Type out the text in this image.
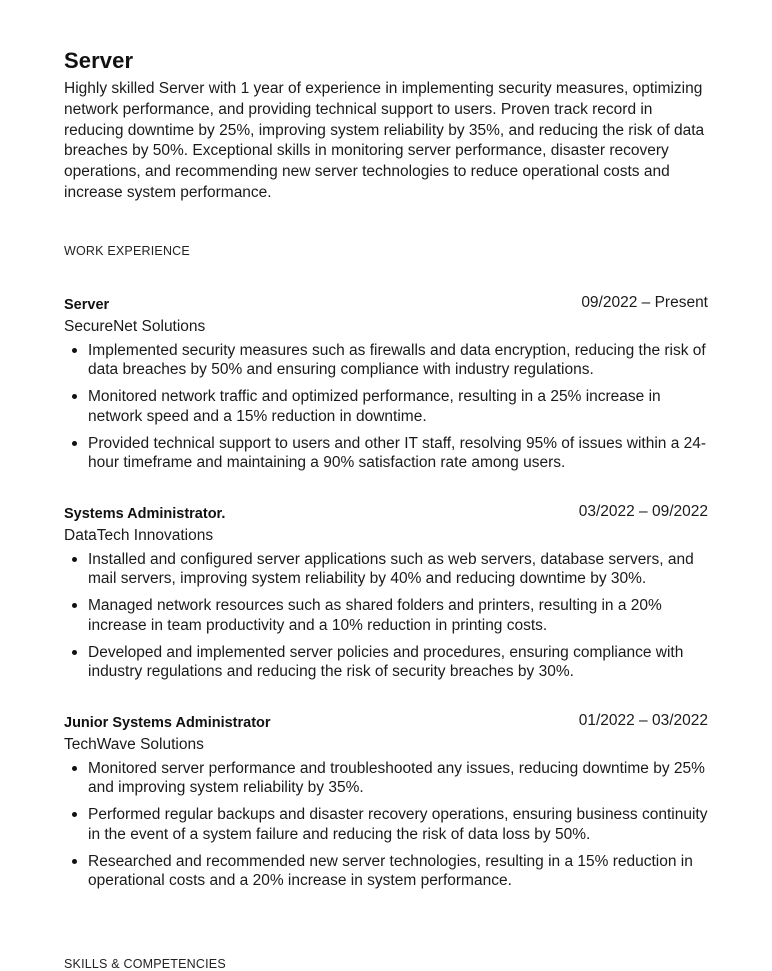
Server

Highly skilled Server with 1 year of experience in implementing security measures, optimizing network performance, and providing technical support to users. Proven track record in reducing downtime by 25%, improving system reliability by 35%, and reducing the risk of data breaches by 50%. Exceptional skills in monitoring server performance, disaster recovery operations, and recommending new server technologies to reduce operational costs and increase system performance.

WORK EXPERIENCE
Server	09/2022 – Present
SecureNet Solutions
Implemented security measures such as firewalls and data encryption, reducing the risk of data breaches by 50% and ensuring compliance with industry regulations.
Monitored network traffic and optimized performance, resulting in a 25% increase in network speed and a 15% reduction in downtime.
Provided technical support to users and other IT staff, resolving 95% of issues within a 24-hour timeframe and maintaining a 90% satisfaction rate among users.
Systems Administrator.	03/2022 – 09/2022
DataTech Innovations
Installed and configured server applications such as web servers, database servers, and mail servers, improving system reliability by 40% and reducing downtime by 30%.
Managed network resources such as shared folders and printers, resulting in a 20% increase in team productivity and a 10% reduction in printing costs.
Developed and implemented server policies and procedures, ensuring compliance with industry regulations and reducing the risk of security breaches by 30%.
Junior Systems Administrator	01/2022 – 03/2022
TechWave Solutions
Monitored server performance and troubleshooted any issues, reducing downtime by 25% and improving system reliability by 35%.
Performed regular backups and disaster recovery operations, ensuring business continuity in the event of a system failure and reducing the risk of data loss by 50%.
Researched and recommended new server technologies, resulting in a 15% reduction in operational costs and a 20% increase in system performance.
SKILLS & COMPETENCIES
